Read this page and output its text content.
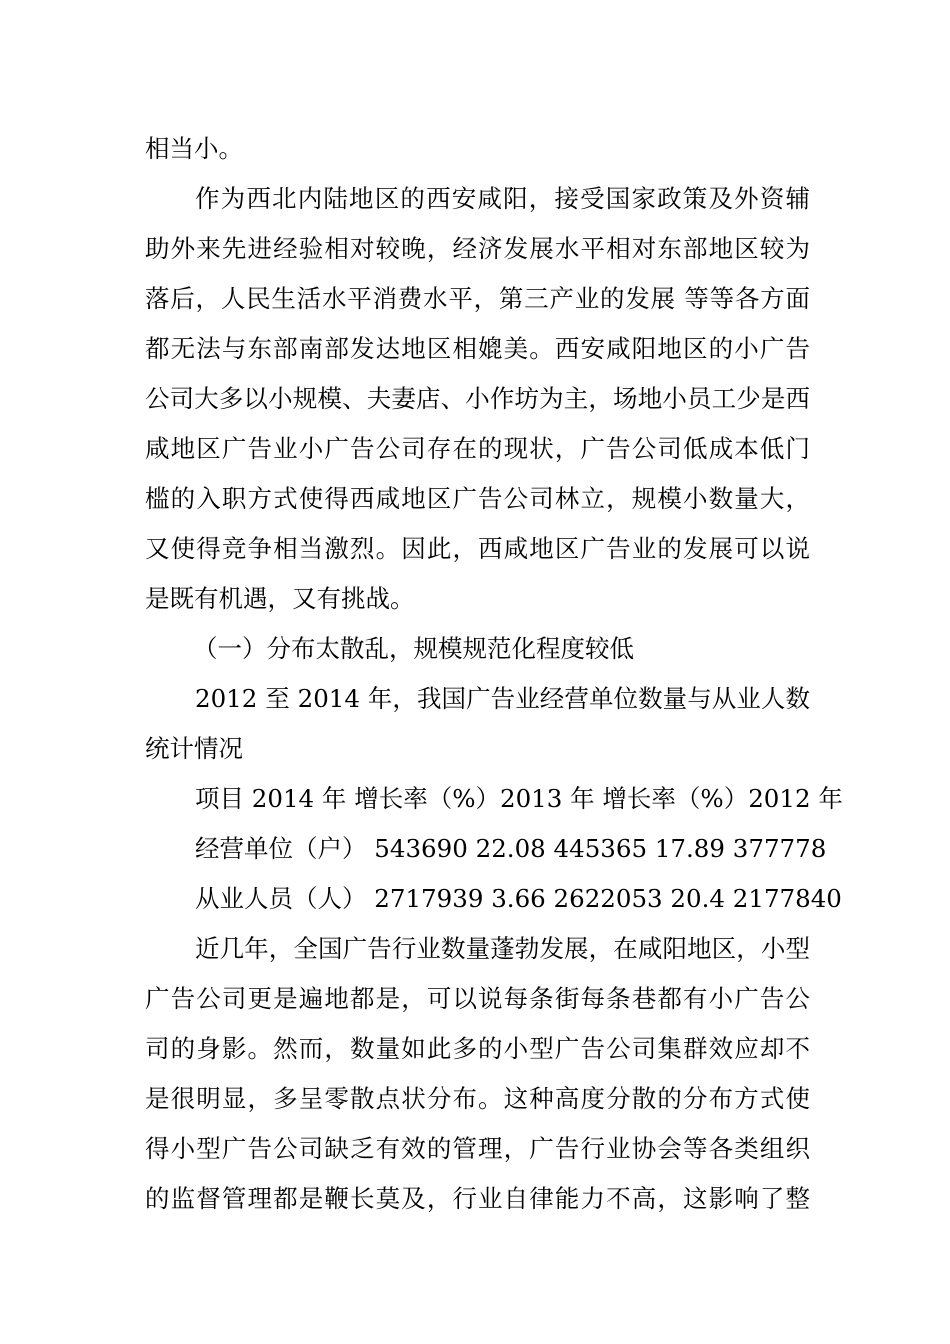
相当小。
作为西北内陆地区的西安咸阳，接受国家政策及外资辅
助外来先进经验相对较晚，经济发展水平相对东部地区较为
落后，人民生活水平消费水平，第三产业的发展 等等各方面
都无法与东部南部发达地区相媲美。西安咸阳地区的小广告
公司大多以小规模、夫妻店、小作坊为主，场地小员工少是西
咸地区广告业小广告公司存在的现状，广告公司低成本低门
槛的入职方式使得西咸地区广告公司林立，规模小数量大，
又使得竞争相当激烈。因此，西咸地区广告业的发展可以说
是既有机遇，又有挑战。
（一）分布太散乱，规模规范化程度较低
2012 至 2014 年，我国广告业经营单位数量与从业人数
统计情况
项目 2014 年 增长率（%）2013 年 增长率（%）2012 年
经营单位（户） 543690 22.08 445365 17.89 377778
从业人员（人） 2717939 3.66 2622053 20.4 2177840
近几年，全国广告行业数量蓬勃发展，在咸阳地区，小型
广告公司更是遍地都是，可以说每条街每条巷都有小广告公
司的身影。然而，数量如此多的小型广告公司集群效应却不
是很明显，多呈零散点状分布。这种高度分散的分布方式使
得小型广告公司缺乏有效的管理，广告行业协会等各类组织
的监督管理都是鞭长莫及，行业自律能力不高，这影响了整
